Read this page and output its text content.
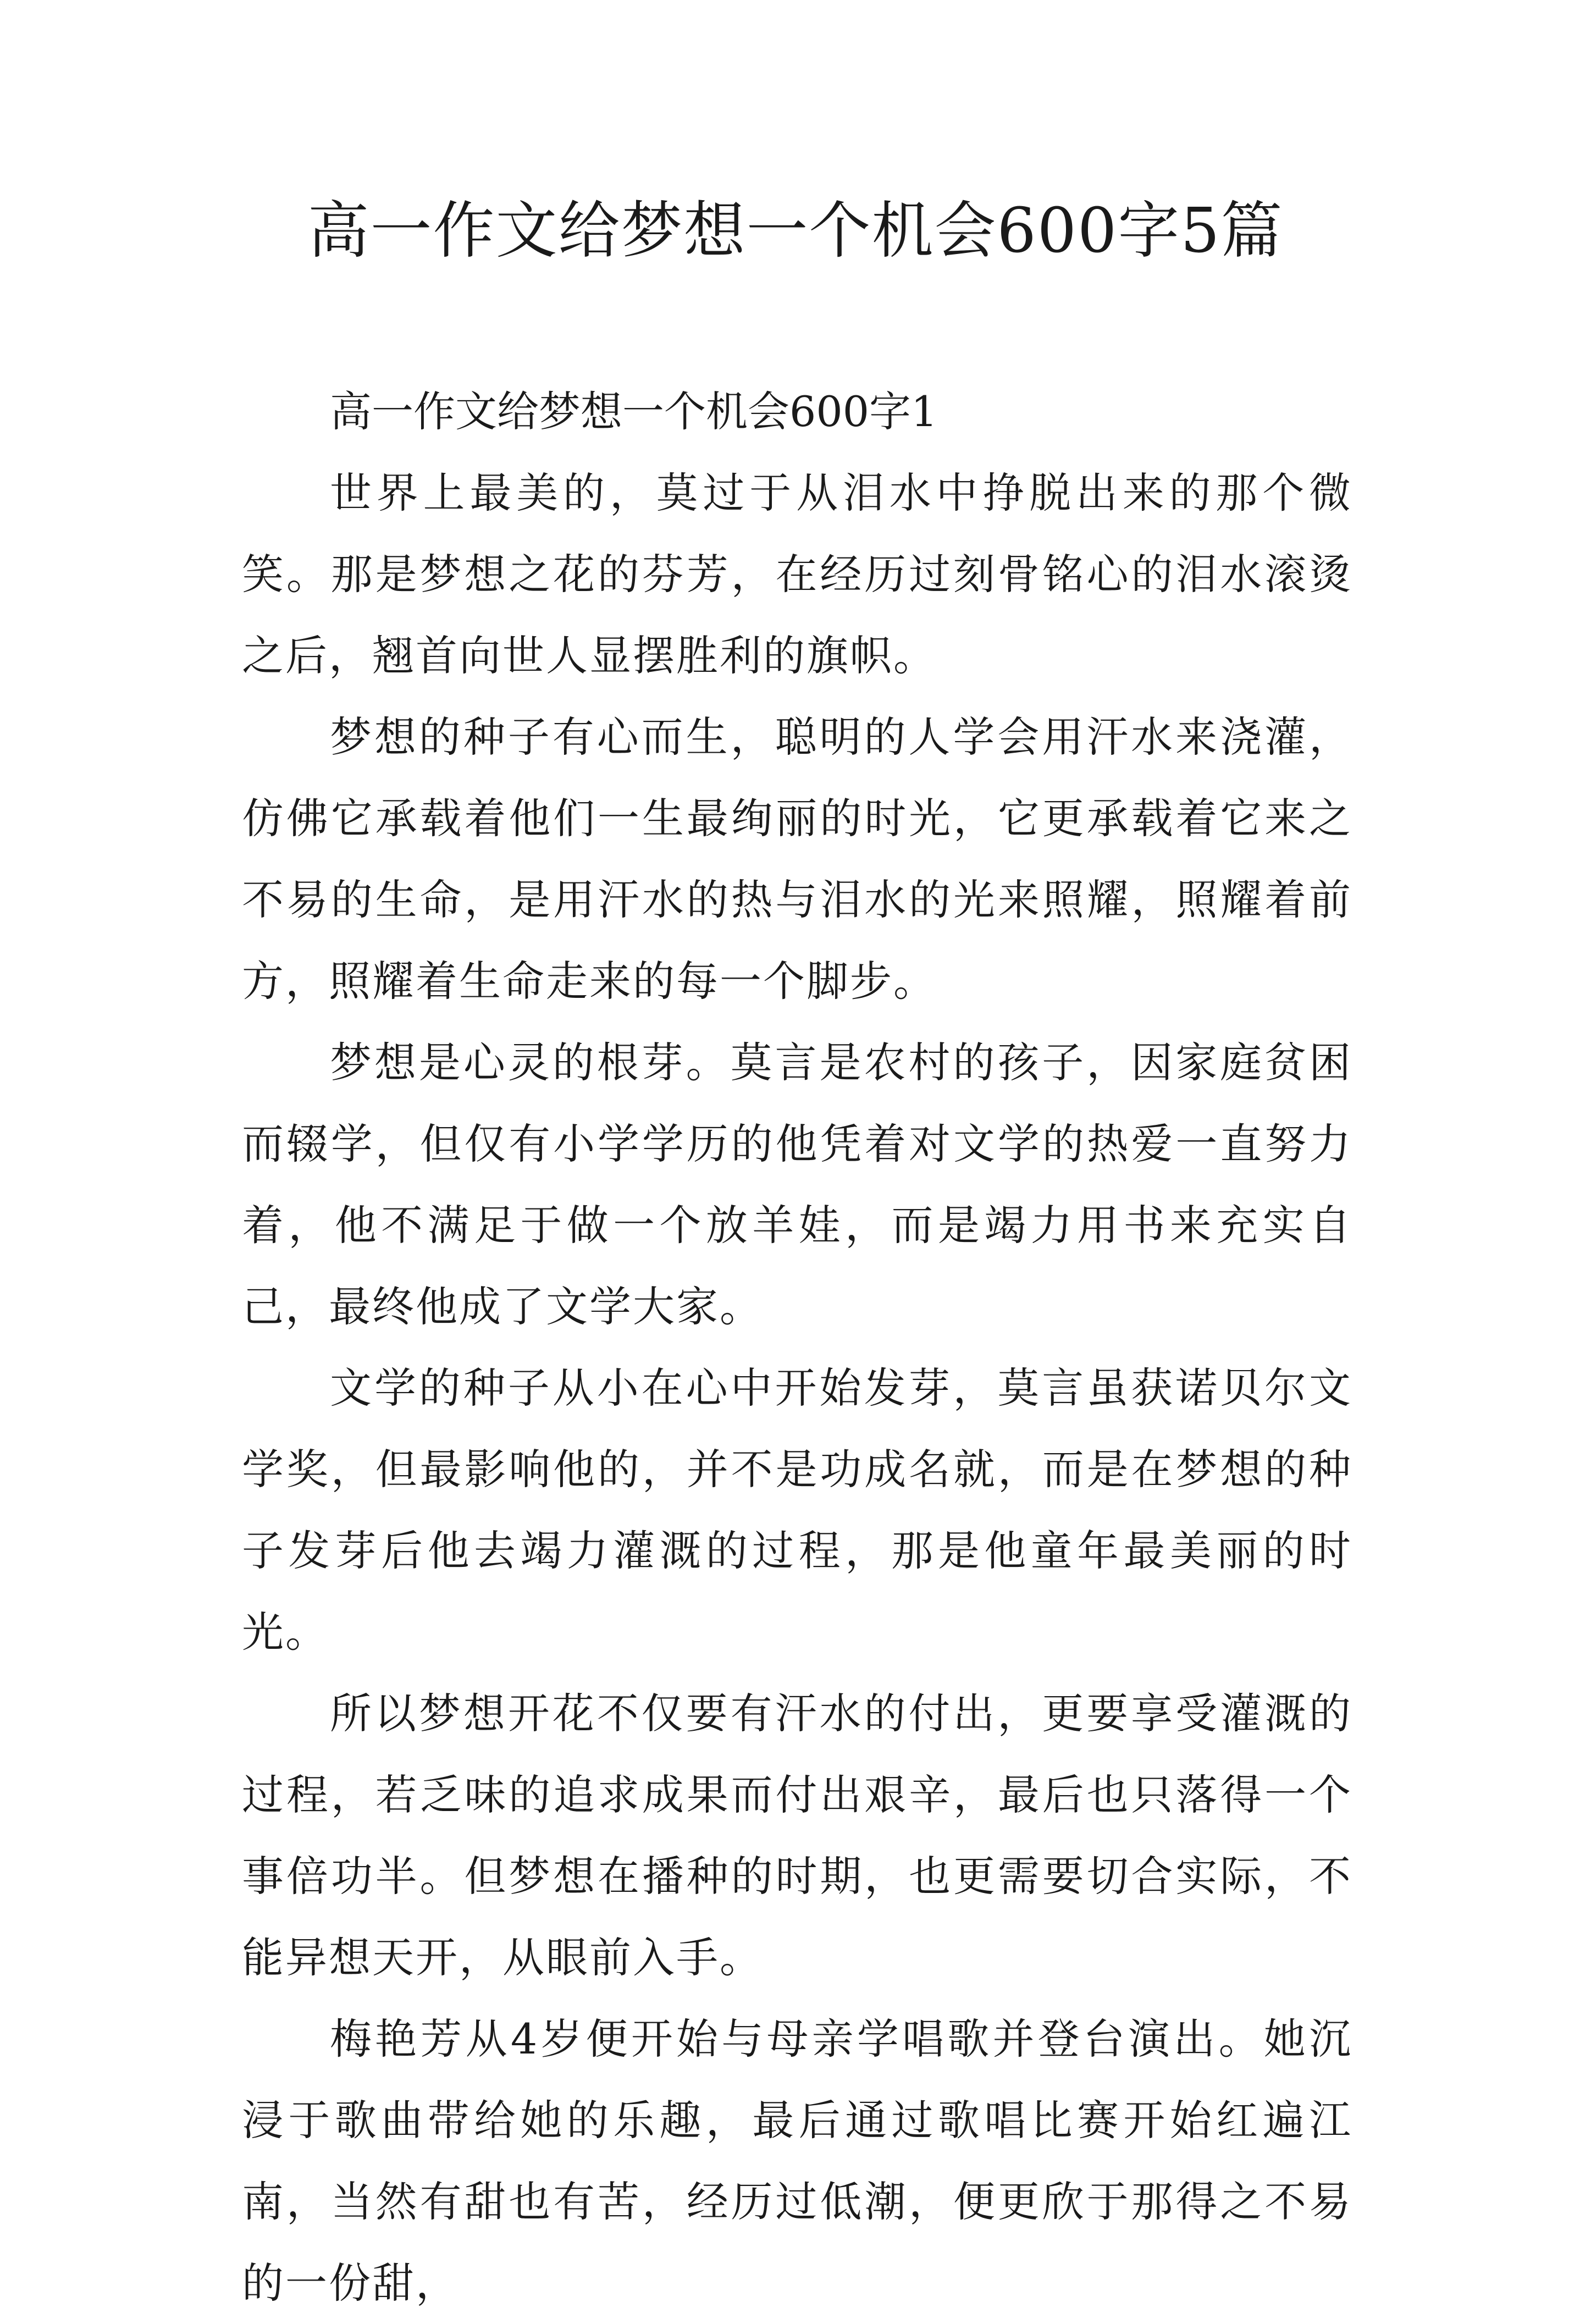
高一作文给梦想一个机会600字5篇

高一作文给梦想一个机会600字1

世界上最美的，莫过于从泪水中挣脱出来的那个微笑。那是梦想之花的芬芳，在经历过刻骨铭心的泪水滚烫之后，翘首向世人显摆胜利的旗帜。

梦想的种子有心而生，聪明的人学会用汗水来浇灌，仿佛它承载着他们一生最绚丽的时光，它更承载着它来之不易的生命，是用汗水的热与泪水的光来照耀，照耀着前方，照耀着生命走来的每一个脚步。

梦想是心灵的根芽。莫言是农村的孩子，因家庭贫困而辍学，但仅有小学学历的他凭着对文学的热爱一直努力着，他不满足于做一个放羊娃，而是竭力用书来充实自己，最终他成了文学大家。

文学的种子从小在心中开始发芽，莫言虽获诺贝尔文学奖，但最影响他的，并不是功成名就，而是在梦想的种子发芽后他去竭力灌溉的过程，那是他童年最美丽的时光。

所以梦想开花不仅要有汗水的付出，更要享受灌溉的过程，若乏味的追求成果而付出艰辛，最后也只落得一个事倍功半。但梦想在播种的时期，也更需要切合实际，不能异想天开，从眼前入手。

梅艳芳从4岁便开始与母亲学唱歌并登台演出。她沉浸于歌曲带给她的乐趣，最后通过歌唱比赛开始红遍江南，当然有甜也有苦，经历过低潮，便更欣于那得之不易的一份甜，
